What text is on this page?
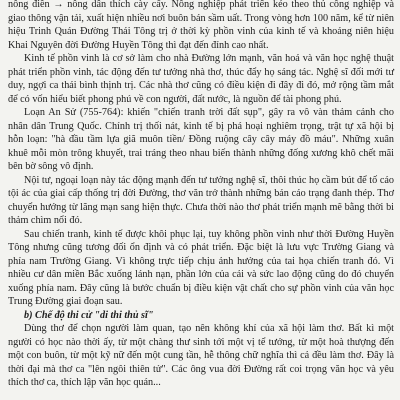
nông điền → nông dân thích cày cấy. Nông nghiệp phát triển kéo theo thủ công nghiệp và giao thông vận tải, xuất hiện nhiều nơi buôn bán sầm uất. Trong vòng hơn 100 năm, kể từ niên hiệu Trinh Quán Đường Thái Tông trị ở thời kỳ phồn vinh của kinh tế và khoảng niên hiệu Khai Nguyên đời Đường Huyền Tông thì đạt đến đỉnh cao nhất.

Kinh tế phồn vinh là cơ sở làm cho nhà Đường lớn mạnh, văn hoá và văn học nghệ thuật phát triển phồn vinh, tác động đến tư tưởng nhà thơ, thúc đẩy họ sáng tác. Nghệ sĩ đối mới tư duy, ngợi ca thái bình thịnh trị. Các nhà thơ cũng có điều kiện đi đây đi đó, mở rộng tầm mắt để có vốn hiểu biết phong phú về con người, đất nước, là nguồn để tài phong phú.

Loạn An Sử (755-764): khiến "chiến tranh trời đất sụp", gây ra vô vàn thảm cảnh cho nhân dân Trung Quốc. Chính trị thối nát, kinh tế bị phá hoại nghiêm trọng, trật tự xã hội bị hỗn loạn: "hà đầu tầm lựa giã muôn tiền/ Đồng ruộng cây cây máy đồ máu". Những xuân khuê mỗi mòn trông khuyết, trai tráng theo nhau biến thành những đống xương khô chết mãi bên bờ sông vô định.

Nội tư, ngoại loạn này tác động mạnh đến tư tưởng nghệ sĩ, thôi thúc họ cầm bút để tố cáo tội ác của giai cấp thống trị đời Đường, thơ văn trở thành những bản cáo trạng đanh thép. Thơ chuyển hướng từ lãng mạn sang hiện thực. Chưa thời nào thơ phát triển mạnh mẽ bằng thời bi thảm chìm nổi đó.

Sau chiến tranh, kinh tế được khôi phục lại, tuy không phồn vinh như thời Đường Huyền Tông nhưng cũng tương đối ổn định và có phát triển. Đặc biệt là lưu vực Trường Giang và phía nam Trường Giang. Vì không trực tiếp chịu ảnh hưởng của tai họa chiến tranh đó. Vì nhiều cư dân miền Bắc xuống lánh nạn, phần lớn của cải và sức lao động cũng do đó chuyển xuống phía nam. Đây cũng là bước chuẩn bị điều kiện vật chất cho sự phồn vinh của văn học Trung Đường giai đoạn sau.

b) Chế độ thi cử "di thi thủ sĩ"

Dùng thơ để chọn người làm quan, tạo nên không khí của xã hội làm thơ. Bất kì một người có học nào thời ấy, từ một chàng thư sinh tới một vị tể tướng, từ một hoà thượng đến một con buôn, từ một kỹ nữ đến một cung tần, hễ thông chữ nghĩa thì cả đều làm thơ. Đây là thời đại mà thơ ca "lên ngôi thiên tử". Các ông vua đời Đường rất coi trọng văn học và yêu thích thơ ca, thích lập văn học quán...
